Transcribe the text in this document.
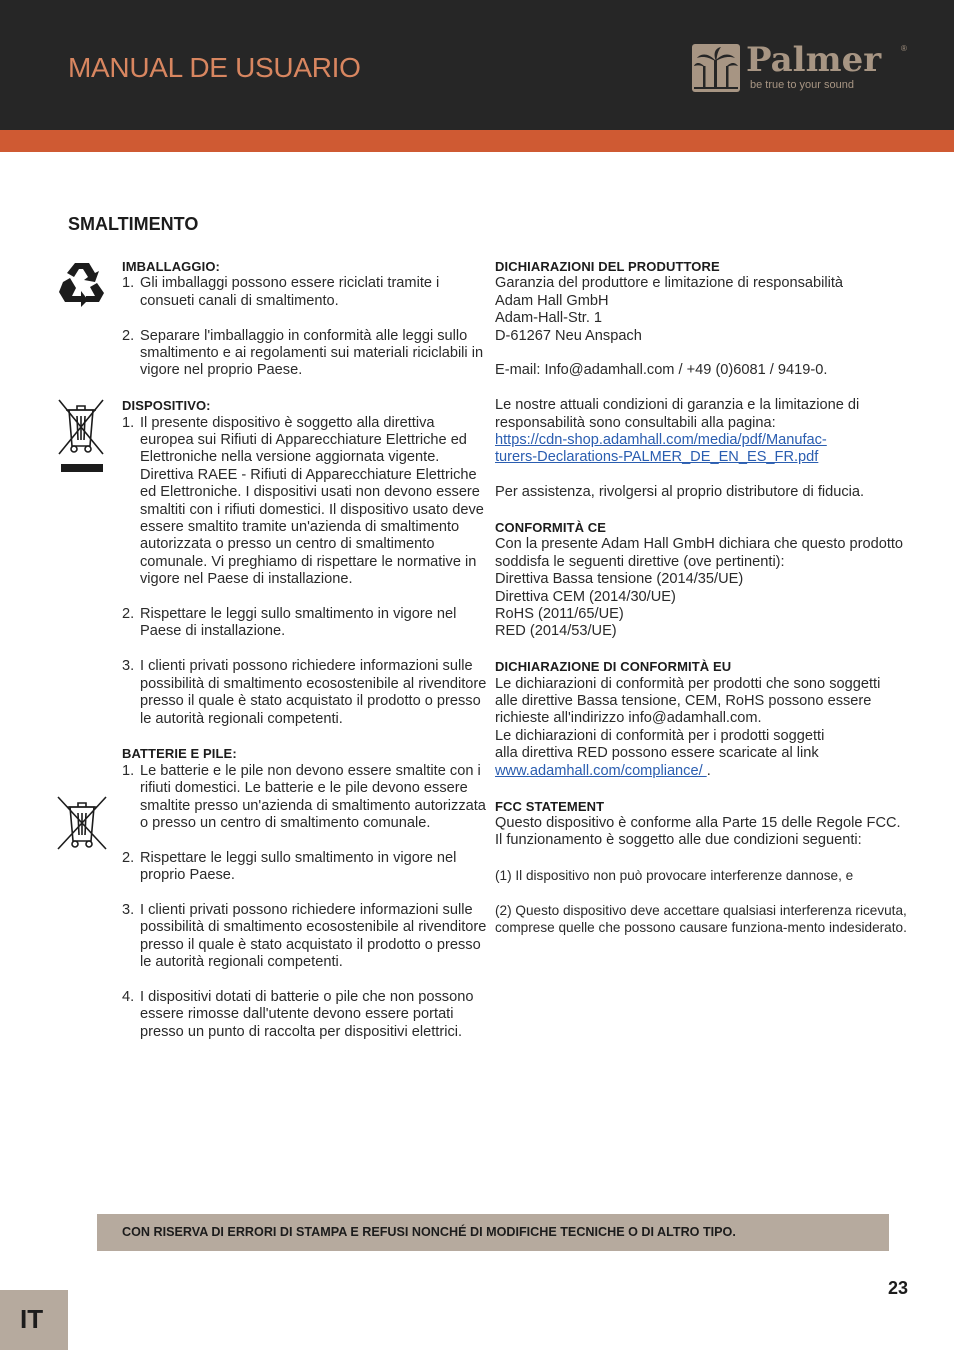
MANUAL DE USUARIO	Palmer ®
be true to your sound
SMALTIMENTO
IMBALLAGGIO:
1. Gli imballaggi possono essere riciclati tramite i consueti canali di smaltimento.
2. Separare l'imballaggio in conformità alle leggi sullo smaltimento e ai regolamenti sui materiali riciclabili in vigore nel proprio Paese.
DISPOSITIVO:
1. Il presente dispositivo è soggetto alla direttiva europea sui Rifiuti di Apparecchiature Elettriche ed Elettroniche nella versione aggiornata vigente. Direttiva RAEE - Rifiuti di Apparecchiature Elettriche ed Elettroniche. I dispositivi usati non devono essere smaltiti con i rifiuti domestici. Il dispositivo usato deve essere smaltito tramite un'azienda di smaltimento autorizzata o presso un centro di smaltimento comunale. Vi preghiamo di rispettare le normative in vigore nel Paese di installazione.
2. Rispettare le leggi sullo smaltimento in vigore nel Paese di installazione.
3. I clienti privati possono richiedere informazioni sulle possibilità di smaltimento ecosostenibile al rivenditore presso il quale è stato acquistato il prodotto o presso le autorità regionali competenti.
BATTERIE E PILE:
1. Le batterie e le pile non devono essere smaltite con i rifiuti domestici. Le batterie e le pile devono essere smaltite presso un'azienda di smaltimento autorizzata o presso un centro di smaltimento comunale.
2. Rispettare le leggi sullo smaltimento in vigore nel proprio Paese.
3. I clienti privati possono richiedere informazioni sulle possibilità di smaltimento ecosostenibile al rivenditore presso il quale è stato acquistato il prodotto o presso le autorità regionali competenti.
4. I dispositivi dotati di batterie o pile che non possono essere rimosse dall'utente devono essere portati presso un punto di raccolta per dispositivi elettrici.
DICHIARAZIONI DEL PRODUTTORE
Garanzia del produttore e limitazione di responsabilità
Adam Hall GmbH
Adam-Hall-Str. 1
D-61267 Neu Anspach
E-mail: Info@adamhall.com / +49 (0)6081 / 9419-0.
Le nostre attuali condizioni di garanzia e la limitazione di responsabilità sono consultabili alla pagina:
https://cdn-shop.adamhall.com/media/pdf/Manufac-
turers-Declarations-PALMER_DE_EN_ES_FR.pdf
Per assistenza, rivolgersi al proprio distributore di fiducia.
CONFORMITÀ CE
Con la presente Adam Hall GmbH dichiara che questo prodotto soddisfa le seguenti direttive (ove pertinenti):
Direttiva Bassa tensione (2014/35/UE)
Direttiva CEM (2014/30/UE)
RoHS (2011/65/UE)
RED (2014/53/UE)
DICHIARAZIONE DI CONFORMITÀ EU
Le dichiarazioni di conformità per prodotti che sono soggetti alle direttive Bassa tensione, CEM, RoHS possono essere richieste all'indirizzo info@adamhall.com.
Le dichiarazioni di conformità per i prodotti soggetti alla direttiva RED possono essere scaricate al link www.adamhall.com/compliance/ .
FCC STATEMENT
Questo dispositivo è conforme alla Parte 15 delle Regole FCC.
Il funzionamento è soggetto alle due condizioni seguenti:
(1) Il dispositivo non può provocare interferenze dannose, e
(2) Questo dispositivo deve accettare qualsiasi interferenza ricevuta, comprese quelle che possono causare funziona-mento indesiderato.
CON RISERVA DI ERRORI DI STAMPA E REFUSI NONCHÉ DI MODIFICHE TECNICHE O DI ALTRO TIPO.
23
IT
